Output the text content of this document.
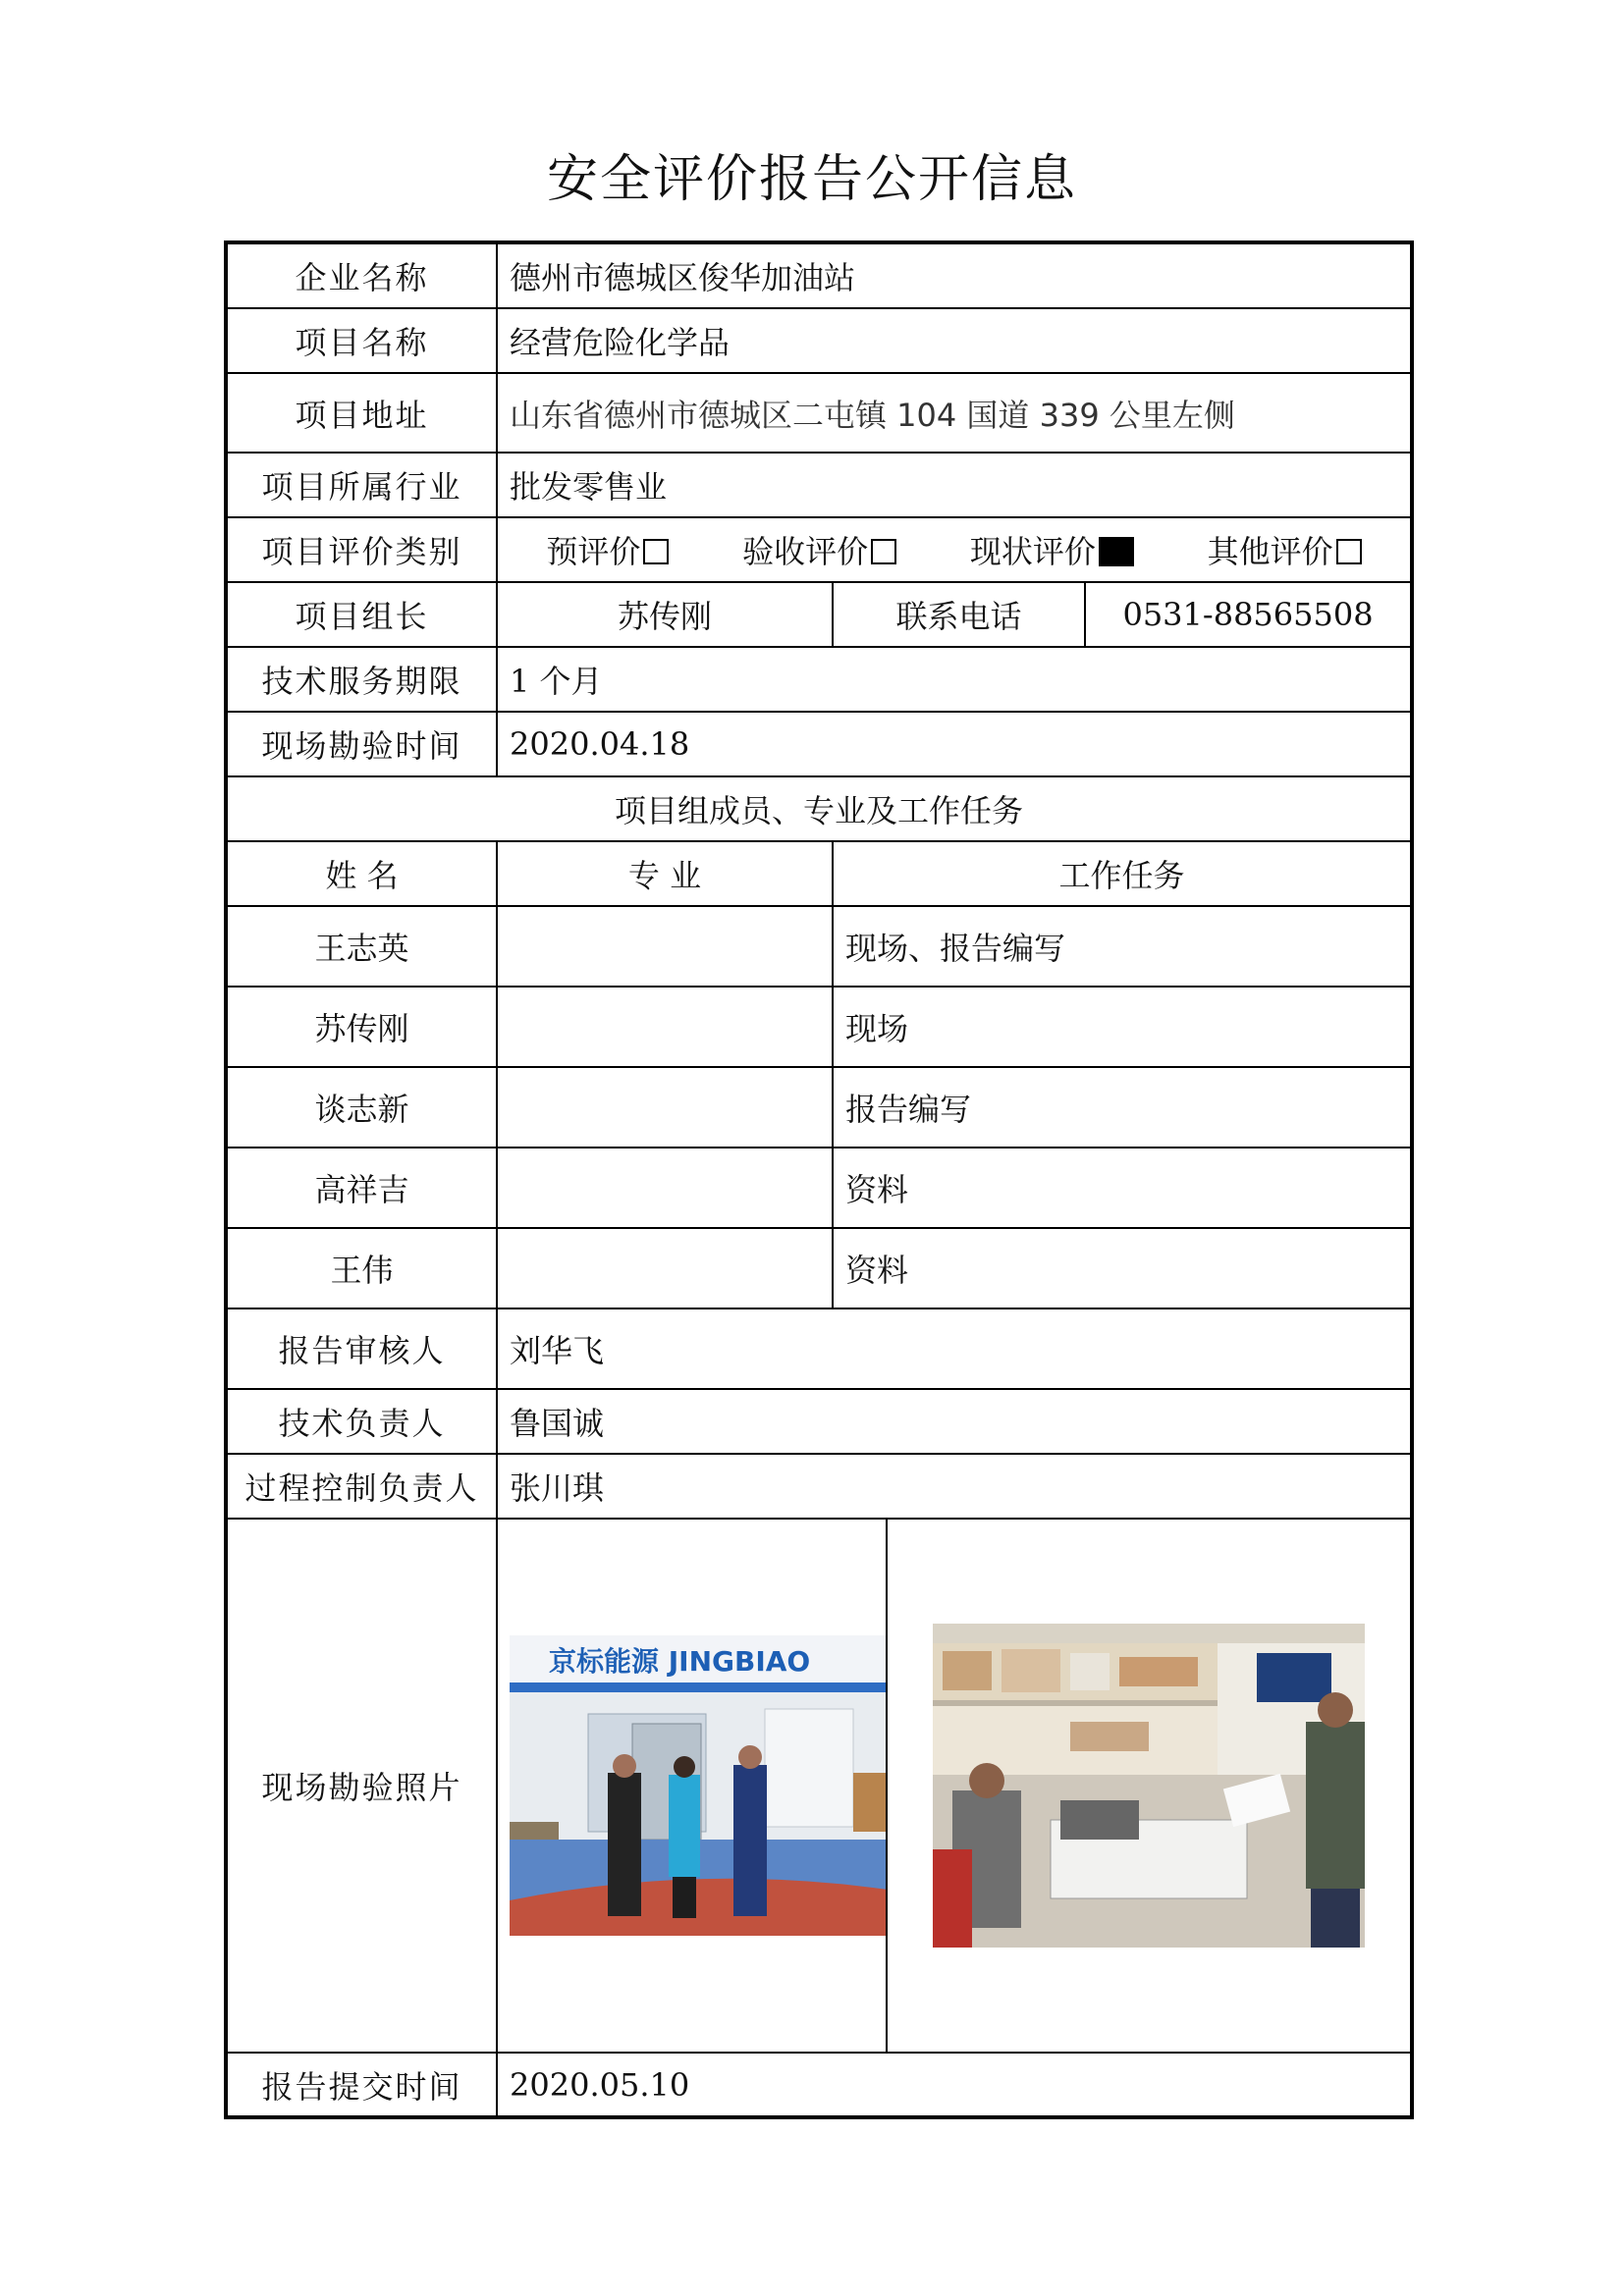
安全评价报告公开信息
企业名称	德州市德城区俊华加油站			
项目名称	经营危险化学品			
项目地址	山东省德州市德城区二屯镇 104 国道 339 公里左侧			
项目所属行业	批发零售业			
项目评价类别	预评价 验收评价 现状评价 其他评价			

项目组长	苏传刚	联系电话		0531-88565508
技术服务期限	1 个月			
现场勘验时间	2020.04.18			
项目组成员、专业及工作任务				
姓 名	专 业	工作任务		
王志英		现场、报告编写		
苏传刚		现场		
谈志新		报告编写		
高祥吉		资料		
王伟		资料		
报告审核人	刘华飞			
技术负责人	鲁国诚			
过程控制负责人	张川琪			
现场勘验照片	京标能源 JINGBIAO

报告提交时间	2020.05.10			
